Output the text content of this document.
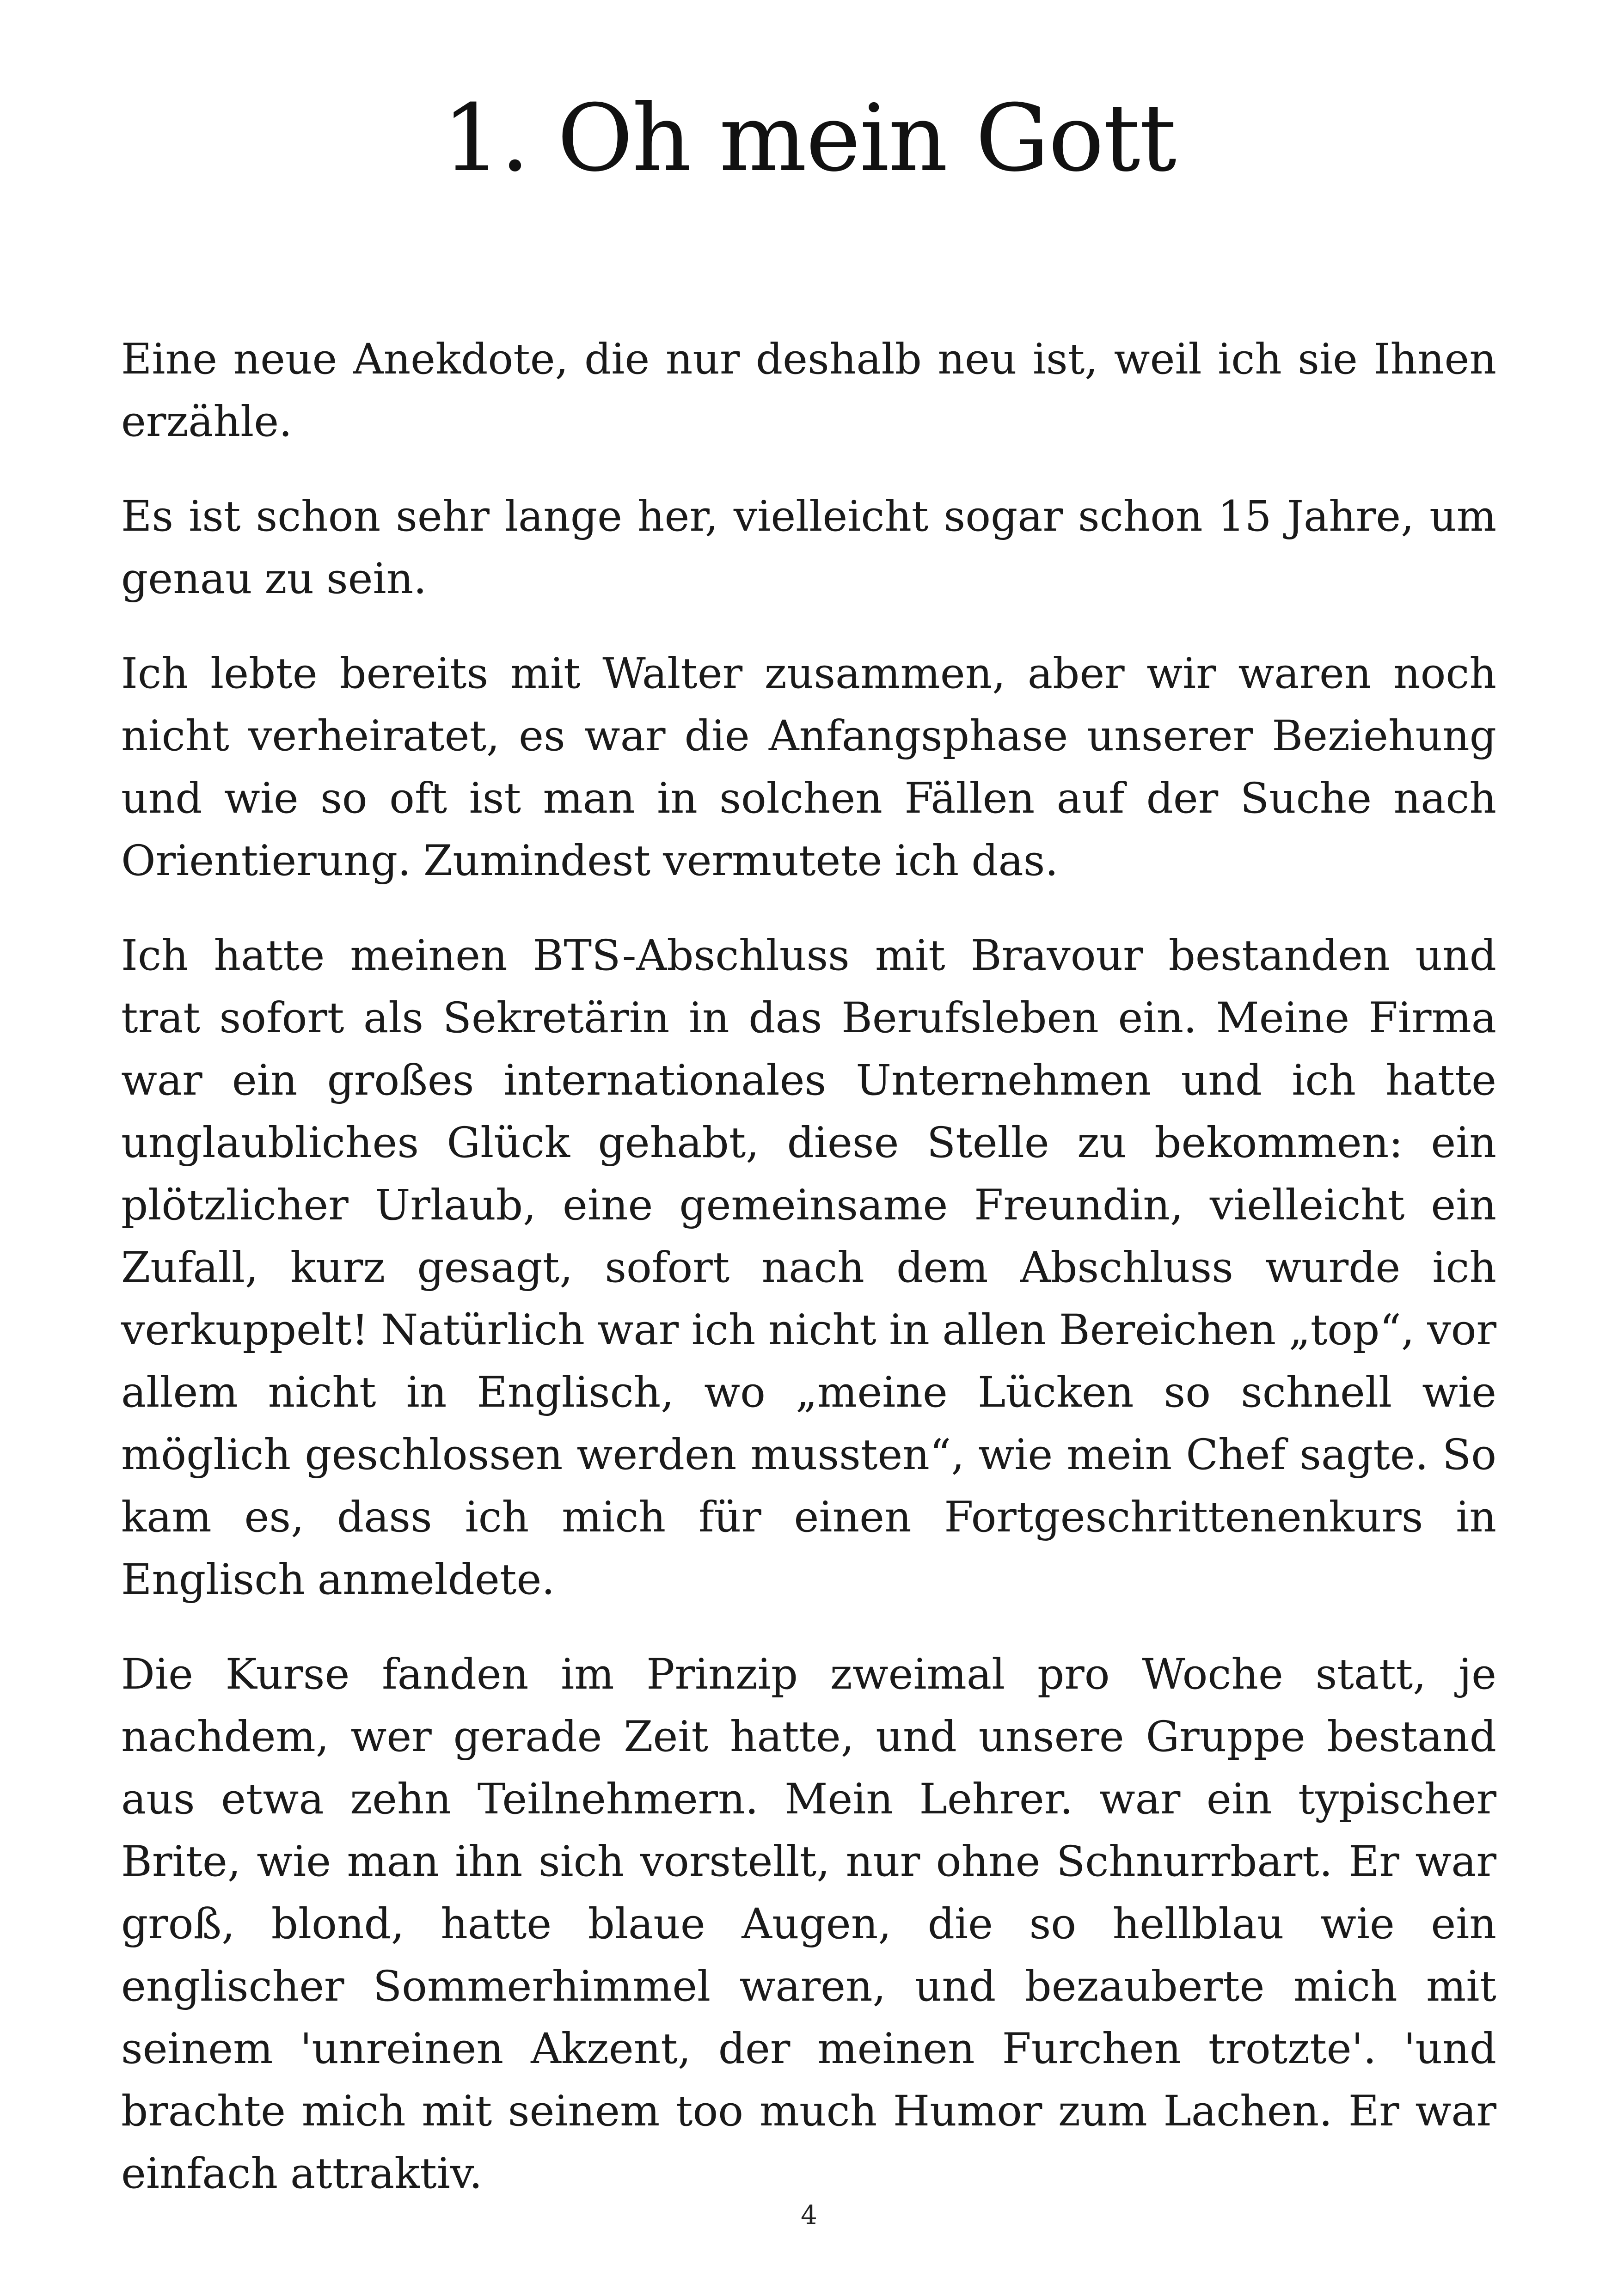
1. Oh mein Gott

Eine neue Anekdote, die nur deshalb neu ist, weil ich sie Ihnen erzähle.

Es ist schon sehr lange her, vielleicht sogar schon 15 Jahre, um genau zu sein.

Ich lebte bereits mit Walter zusammen, aber wir waren noch nicht verheiratet, es war die Anfangsphase unserer Beziehung und wie so oft ist man in solchen Fällen auf der Suche nach Orientierung. Zumindest vermutete ich das.

Ich hatte meinen BTS-Abschluss mit Bravour bestanden und trat sofort als Sekretärin in das Berufsleben ein. Meine Firma war ein großes internationales Unternehmen und ich hatte unglaubliches Glück gehabt, diese Stelle zu bekommen: ein plötzlicher Urlaub, eine gemeinsame Freundin, vielleicht ein Zufall, kurz gesagt, sofort nach dem Abschluss wurde ich verkuppelt! Natürlich war ich nicht in allen Bereichen „top“, vor allem nicht in Englisch, wo „meine Lücken so schnell wie möglich geschlossen werden mussten“, wie mein Chef sagte. So kam es, dass ich mich für einen Fortgeschrittenenkurs in Englisch anmeldete.

Die Kurse fanden im Prinzip zweimal pro Woche statt, je nachdem, wer gerade Zeit hatte, und unsere Gruppe bestand aus etwa zehn Teilnehmern. Mein Lehrer. war ein typischer Brite, wie man ihn sich vorstellt, nur ohne Schnurrbart. Er war groß, blond, hatte blaue Augen, die so hellblau wie ein englischer Sommerhimmel waren, und bezauberte mich mit seinem 'unreinen Akzent, der meinen Furchen trotzte'. 'und brachte mich mit seinem too much Humor zum Lachen. Er war einfach attraktiv.

4
